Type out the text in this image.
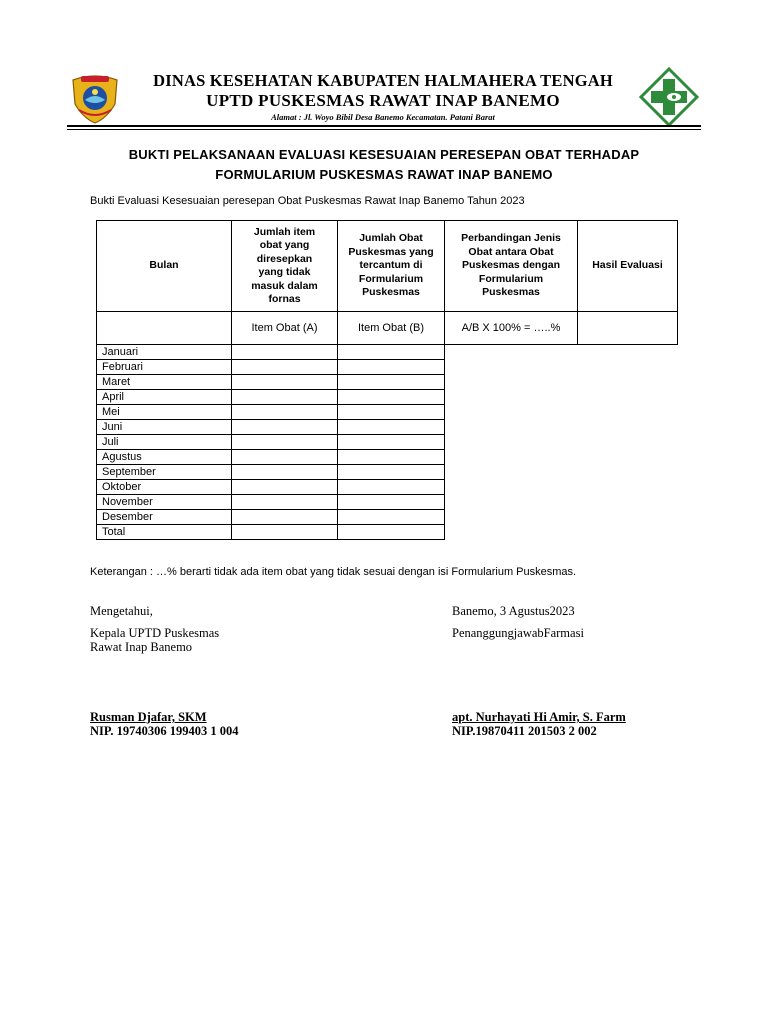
DINAS KESEHATAN KABUPATEN HALMAHERA TENGAH
UPTD PUSKESMAS RAWAT INAP BANEMO
Alamat : Jl. Woyo Bibil Desa Banemo Kecamatan. Patani Barat
BUKTI PELAKSANAAN EVALUASI KESESUAIAN PERESEPAN OBAT TERHADAP
FORMULARIUM PUSKESMAS RAWAT INAP BANEMO
Bukti Evaluasi Kesesuaian peresepan Obat Puskesmas Rawat Inap Banemo Tahun 2023
Bulan	Jumlah item obat yang diresepkan yang tidak masuk dalam fornas	Jumlah Obat Puskesmas yang tercantum di Formularium Puskesmas	Perbandingan Jenis Obat antara Obat Puskesmas dengan Formularium Puskesmas	Hasil Evaluasi
	Item Obat (A)	Item Obat (B)	A/B X 100% = …..%	
Januari				
Februari				
Maret				
April				
Mei				
Juni				
Juli				
Agustus				
September				
Oktober				
November				
Desember				
Total				
Keterangan : …% berarti tidak ada item obat yang tidak sesuai dengan isi Formularium Puskesmas.
Mengetahui,	Banemo, 3 Agustus2023
Kepala UPTD Puskesmas
Rawat Inap Banemo
PenanggungjawabFarmasi
Rusman Djafar, SKM
NIP. 19740306 199403 1 004
apt. Nurhayati Hi Amir, S. Farm
NIP.19870411 201503 2 002
